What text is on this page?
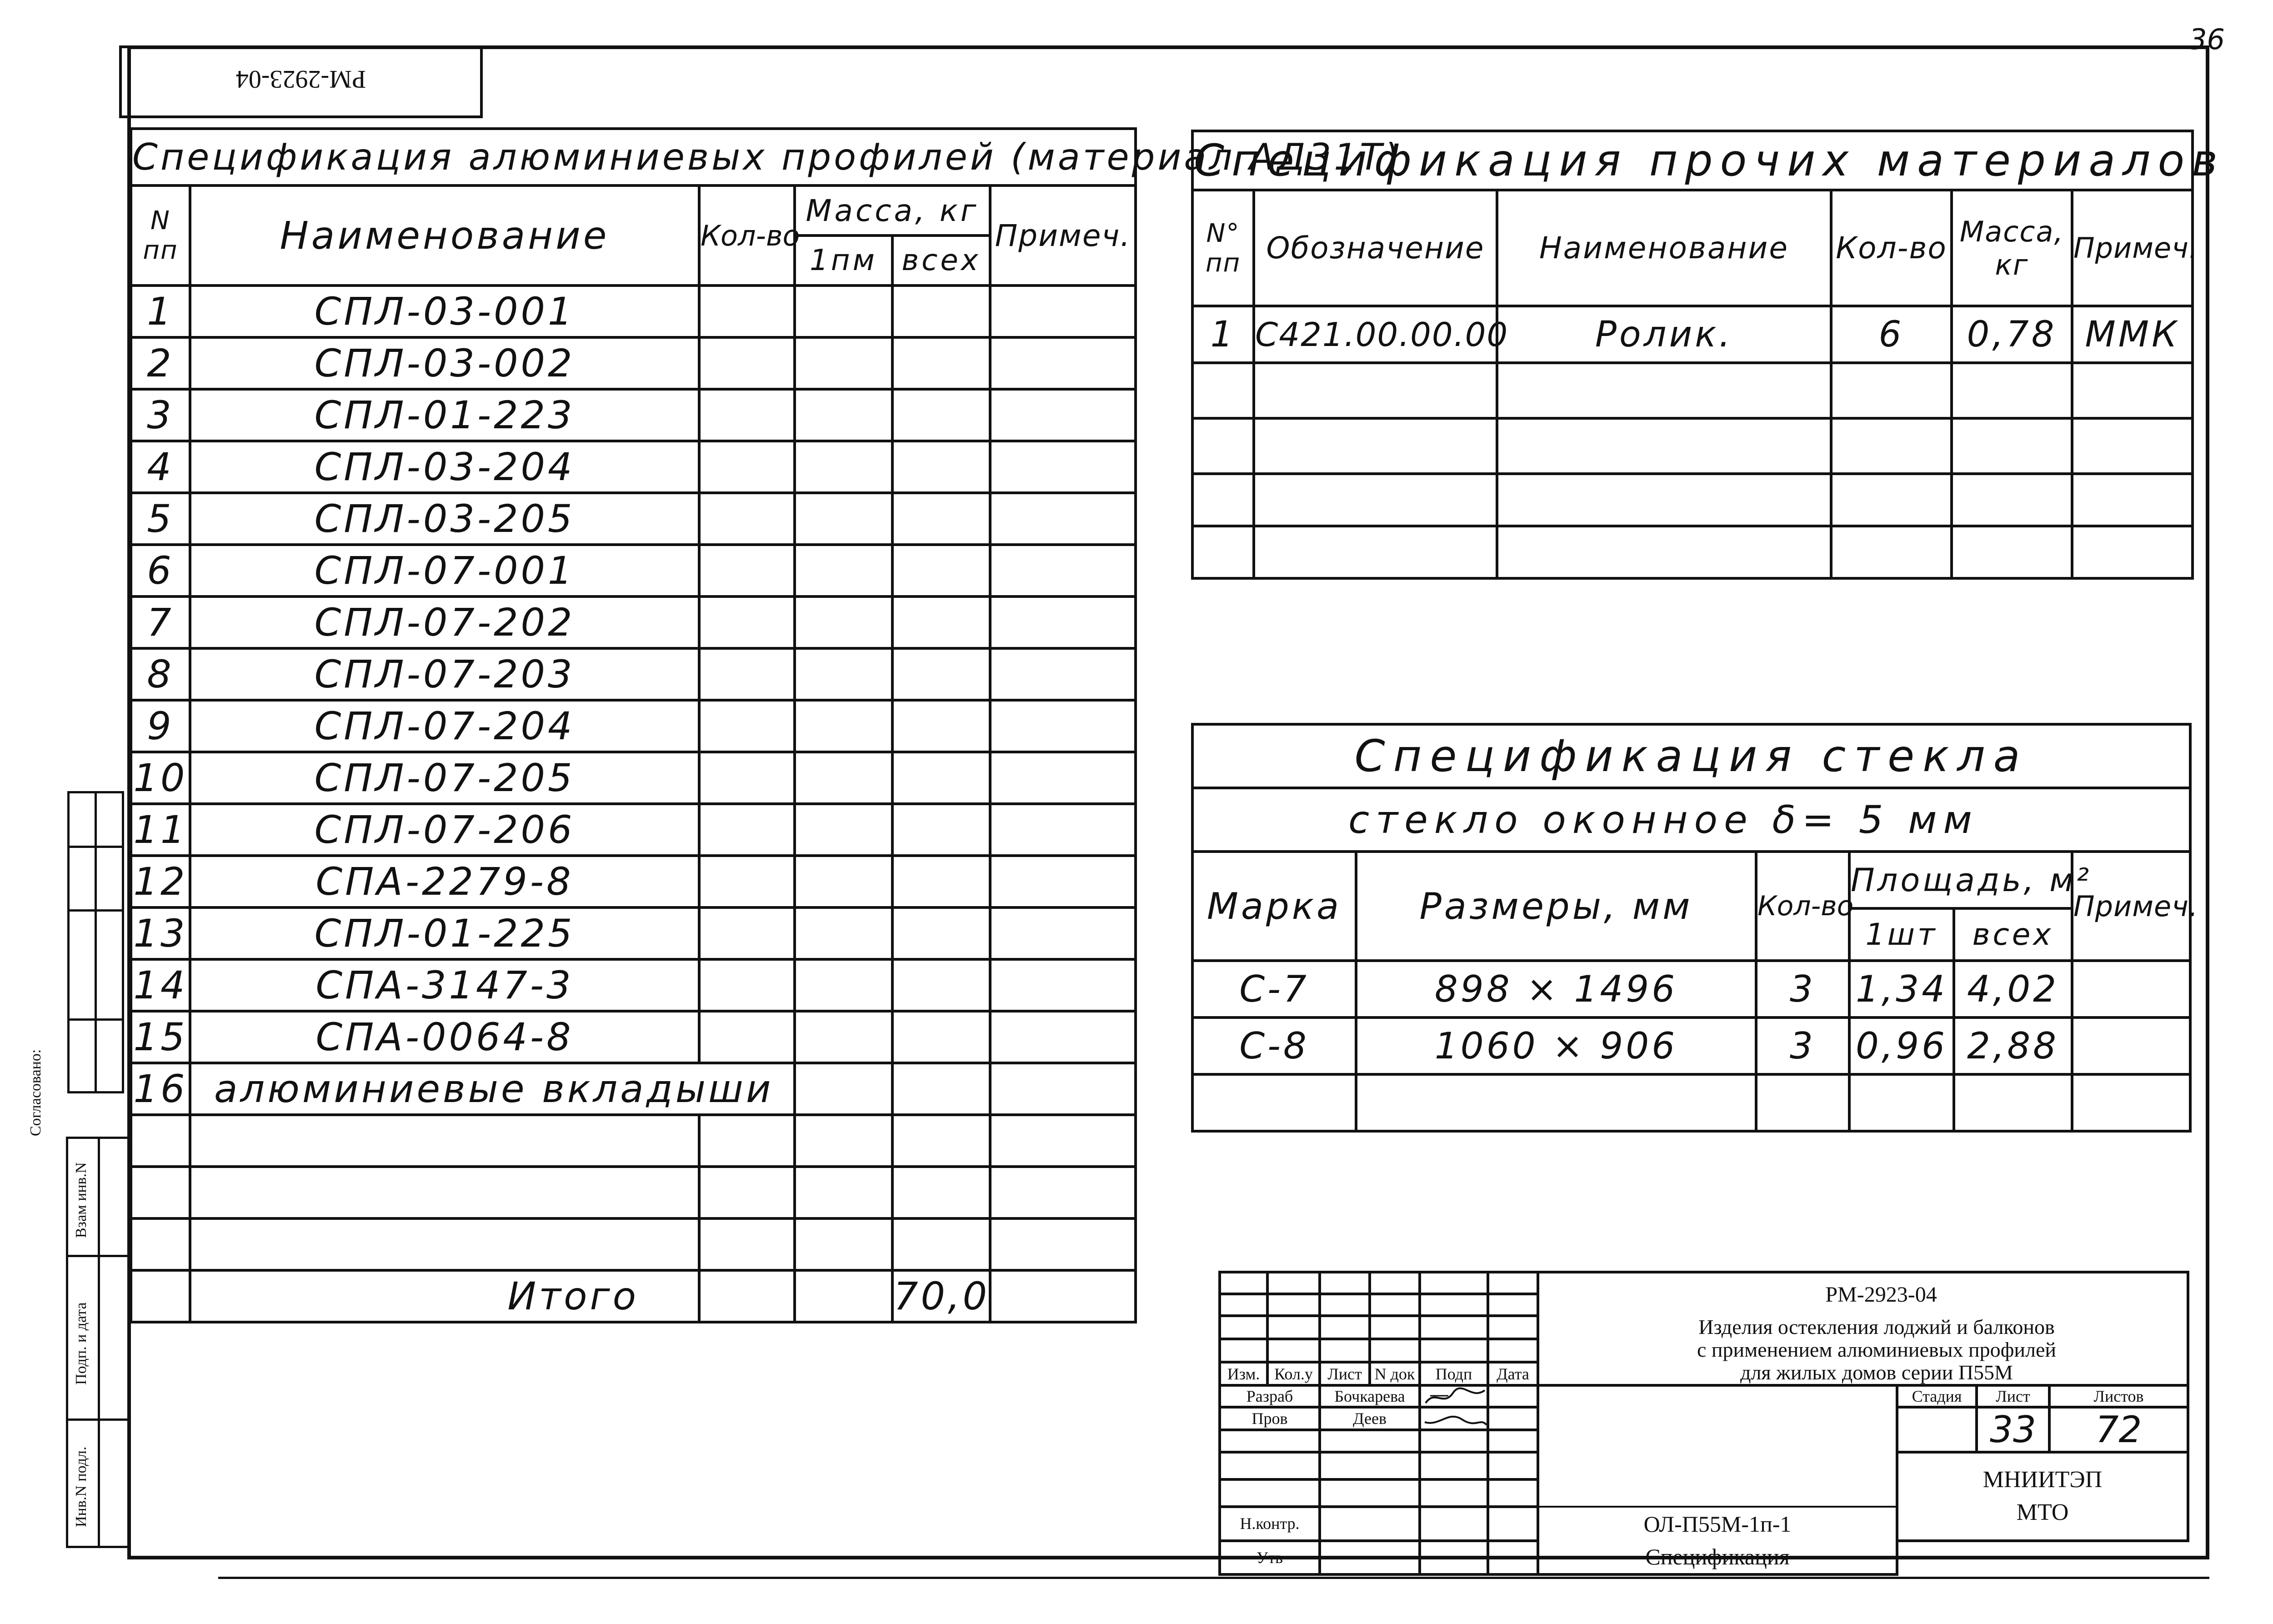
36
РМ-2923-04
Спецификация алюминиевых профилей (материал АД31Т)					
N пп	Наименование	Кол-во	Масса, кг		Примеч.
			1пм	всех	
1	СПЛ-03-001				
2	СПЛ-03-002				
3	СПЛ-01-223				
4	СПЛ-03-204				
5	СПЛ-03-205				
6	СПЛ-07-001				
7	СПЛ-07-202				
8	СПЛ-07-203				
9	СПЛ-07-204				
10	СПЛ-07-205				
11	СПЛ-07-206				
12	СПА-2279-8				
13	СПЛ-01-225				
14	СПА-3147-3				
15	СПА-0064-8				
16	алюминиевые вкладыши				

	Итого			70,0	
Спецификация прочих материалов					
N° пп	Обозначение	Наименование	Кол-во	Масса, кг	Примеч.
1	С421.00.00.00	Ролик.	6	0,78	ММК

Спецификация стекла					
стекло оконное δ= 5 мм					
Марка	Размеры, мм	Кол-во	Площадь, м²		Примеч.
			1шт	всех	
С-7	898 × 1496	3	1,34	4,02	
С-8	1060 × 906	3	0,96	2,88	

						РМ-2923-04			

						Изделия остекления лоджий и балконов
с применением алюминиевых профилей
для жилых домов серии П55М			

Изм.	Кол.у	Лист	N док	Подп	Дата				
Разраб		Бочкарева					Стадия	Лист	Листов
Пров		Деев						33	72

							МНИИТЭП
МТО		

Н.контр.						ОЛ-П55М-1п-1
Спецификация			

Утв									
Согласовано:		

Взам инв.N	

Подп. и дата	

Инв.N подл.	
